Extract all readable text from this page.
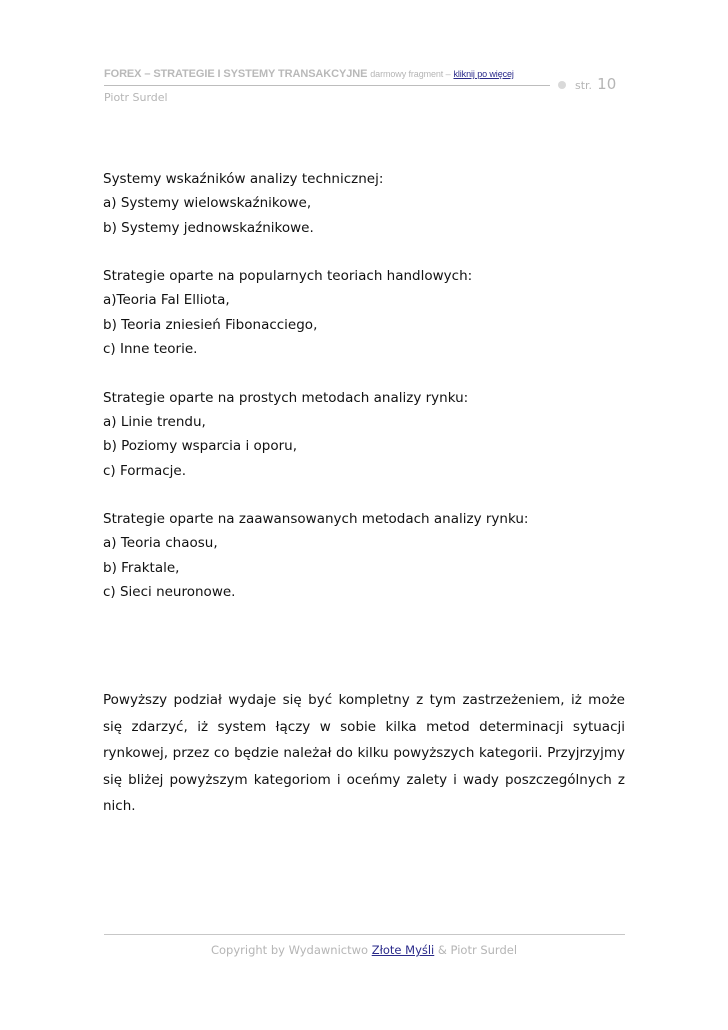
FOREX – STRATEGIE I SYSTEMY TRANSAKCYJNE darmowy fragment – kliknij po więcej
str. 10
Piotr Surdel
Systemy wskaźników analizy technicznej:
a) Systemy wielowskaźnikowe,
b) Systemy jednowskaźnikowe.
Strategie oparte na popularnych teoriach handlowych:
a)Teoria Fal Elliota,
b) Teoria zniesień Fibonacciego,
c) Inne teorie.
Strategie oparte na prostych metodach analizy rynku:
a) Linie trendu,
b) Poziomy wsparcia i oporu,
c) Formacje.
Strategie oparte na zaawansowanych metodach analizy rynku:
a) Teoria chaosu,
b) Fraktale,
c) Sieci neuronowe.

Powyższy podział wydaje się być kompletny z tym zastrzeżeniem, iż może się zdarzyć, iż system łączy w sobie kilka metod determinacji sytuacji rynkowej, przez co będzie należał do kilku powyższych kategorii. Przyjrzyjmy się bliżej powyższym kategoriom i oceńmy zalety i wady poszczególnych z nich.

Copyright by Wydawnictwo Złote Myśli & Piotr Surdel
